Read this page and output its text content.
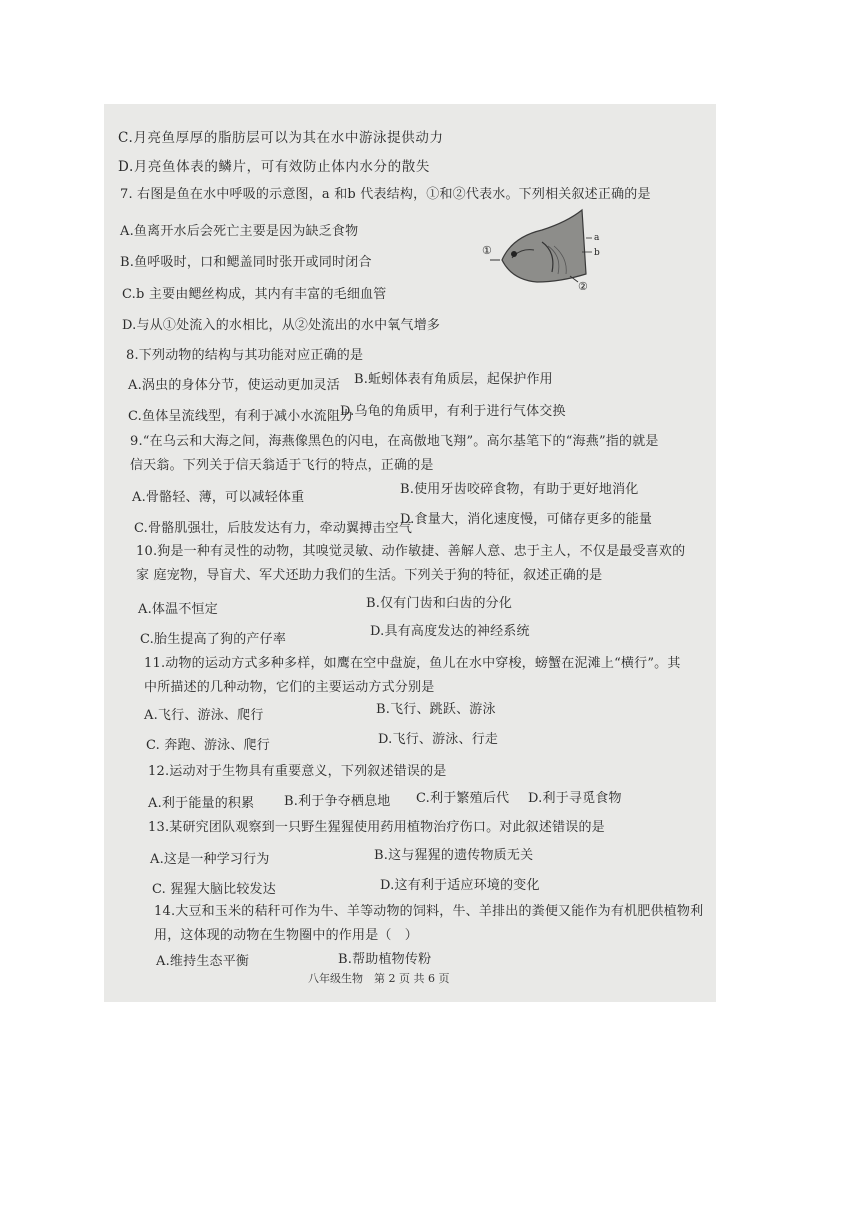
C.月亮鱼厚厚的脂肪层可以为其在水中游泳提供动力
D.月亮鱼体表的鳞片，可有效防止体内水分的散失
7. 右图是鱼在水中呼吸的示意图，a 和b 代表结构，①和②代表水。下列相关叙述正确的是
A.鱼离开水后会死亡主要是因为缺乏食物
B.鱼呼吸时，口和鳃盖同时张开或同时闭合
C.b 主要由鳃丝构成，其内有丰富的毛细血管
D.与从①处流入的水相比，从②处流出的水中氧气增多
①
②
a
b
8.下列动物的结构与其功能对应正确的是
A.涡虫的身体分节，使运动更加灵活 B.蚯蚓体表有角质层，起保护作用
C.鱼体呈流线型，有利于减小水流阻力
D.乌龟的角质甲，有利于进行气体交换
9.“在乌云和大海之间，海燕像黑色的闪电，在高傲地飞翔”。高尔基笔下的“海燕”指的就是
信天翁。下列关于信天翁适于飞行的特点，正确的是
A.骨骼轻、薄，可以减轻体重
B.使用牙齿咬碎食物，有助于更好地消化
C.骨骼肌强壮，后肢发达有力，牵动翼搏击空气
D.食量大，消化速度慢，可储存更多的能量
10.狗是一种有灵性的动物，其嗅觉灵敏、动作敏捷、善解人意、忠于主人，不仅是最受喜欢的
家 庭宠物，导盲犬、军犬还助力我们的生活。下列关于狗的特征，叙述正确的是
A.体温不恒定	B.仅有门齿和臼齿的分化
C.胎生提高了狗的产仔率
D.具有高度发达的神经系统
11.动物的运动方式多种多样，如鹰在空中盘旋，鱼儿在水中穿梭，螃蟹在泥滩上“横行”。其
中所描述的几种动物，它们的主要运动方式分别是
A.飞行、游泳、爬行	B.飞行、跳跃、游泳
C. 奔跑、游泳、爬行	D.飞行、游泳、行走
12.运动对于生物具有重要意义，下列叙述错误的是
A.利于能量的积累 B.利于争夺栖息地 C.利于繁殖后代 D.利于寻觅食物
13.某研究团队观察到一只野生猩猩使用药用植物治疗伤口。对此叙述错误的是
A.这是一种学习行为	B.这与猩猩的遗传物质无关
C. 猩猩大脑比较发达	D.这有利于适应环境的变化
14.大豆和玉米的秸秆可作为牛、羊等动物的饲料，牛、羊排出的粪便又能作为有机肥供植物利
用，这体现的动物在生物圈中的作用是（　）
A.维持生态平衡	B.帮助植物传粉
八年级生物　第 2 页 共 6 页
